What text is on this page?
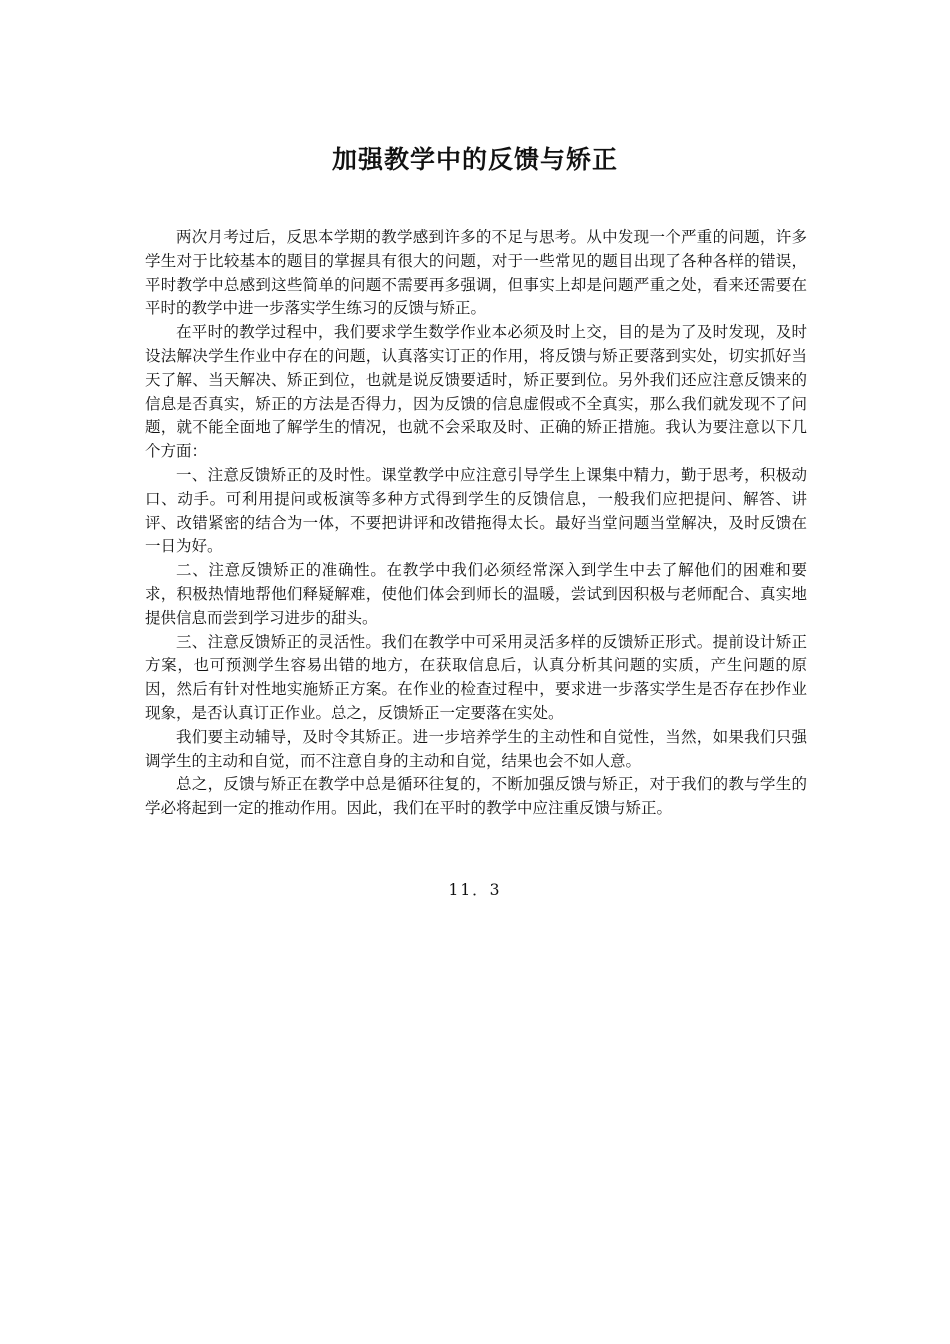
加强教学中的反馈与矫正

两次月考过后，反思本学期的教学感到许多的不足与思考。从中发现一个严重的问题，许多学生对于比较基本的题目的掌握具有很大的问题，对于一些常见的题目出现了各种各样的错误，平时教学中总感到这些简单的问题不需要再多强调，但事实上却是问题严重之处，看来还需要在平时的教学中进一步落实学生练习的反馈与矫正。

在平时的教学过程中，我们要求学生数学作业本必须及时上交，目的是为了及时发现，及时设法解决学生作业中存在的问题，认真落实订正的作用，将反馈与矫正要落到实处，切实抓好当天了解、当天解决、矫正到位，也就是说反馈要适时，矫正要到位。另外我们还应注意反馈来的信息是否真实，矫正的方法是否得力，因为反馈的信息虚假或不全真实，那么我们就发现不了问题，就不能全面地了解学生的情况，也就不会采取及时、正确的矫正措施。我认为要注意以下几个方面：

一、注意反馈矫正的及时性。课堂教学中应注意引导学生上课集中精力，勤于思考，积极动口、动手。可利用提问或板演等多种方式得到学生的反馈信息，一般我们应把提问、解答、讲评、改错紧密的结合为一体，不要把讲评和改错拖得太长。最好当堂问题当堂解决，及时反馈在一日为好。

二、注意反馈矫正的准确性。在教学中我们必须经常深入到学生中去了解他们的困难和要求，积极热情地帮他们释疑解难，使他们体会到师长的温暖，尝试到因积极与老师配合、真实地提供信息而尝到学习进步的甜头。

三、注意反馈矫正的灵活性。我们在教学中可采用灵活多样的反馈矫正形式。提前设计矫正方案，也可预测学生容易出错的地方，在获取信息后，认真分析其问题的实质，产生问题的原因，然后有针对性地实施矫正方案。在作业的检查过程中，要求进一步落实学生是否存在抄作业现象，是否认真订正作业。总之，反馈矫正一定要落在实处。

我们要主动辅导，及时令其矫正。进一步培养学生的主动性和自觉性，当然，如果我们只强调学生的主动和自觉，而不注意自身的主动和自觉，结果也会不如人意。

总之，反馈与矫正在教学中总是循环往复的，不断加强反馈与矫正，对于我们的教与学生的学必将起到一定的推动作用。因此，我们在平时的教学中应注重反馈与矫正。

11．3
